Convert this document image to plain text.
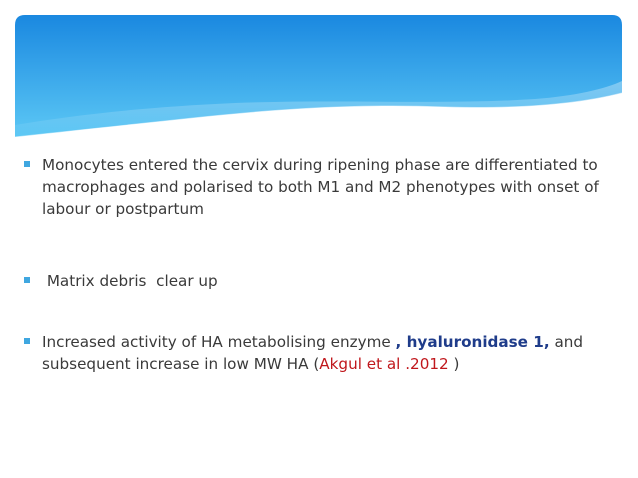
Monocytes entered the cervix during ripening phase are differentiated to macrophages and polarised to both M1 and M2 phenotypes with onset of labour or postpartum

Matrix debris  clear up

Increased activity of HA metabolising enzyme , hyaluronidase 1, and subsequent increase in low MW HA (Akgul et al .2012 )
